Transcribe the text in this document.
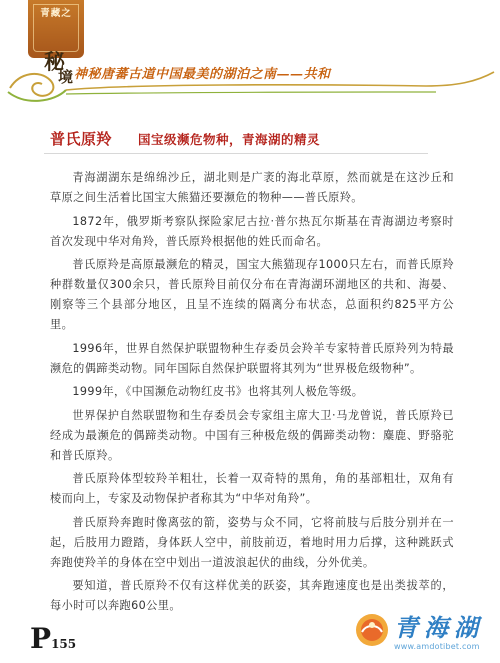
青藏之
秘
境 神秘唐蕃古道中国最美的湖泊之南——共和
普氏原羚 国宝级濒危物种，青海湖的精灵

青海湖湖东是绵绵沙丘，湖北则是广袤的海北草原，然而就是在这沙丘和草原之间生活着比国宝大熊猫还要濒危的物种——普氏原羚。

1872年，俄罗斯考察队探险家尼古拉·普尔热瓦尔斯基在青海湖边考察时首次发现中华对角羚，普氏原羚根据他的姓氏而命名。

普氏原羚是高原最濒危的精灵，国宝大熊猫现存1000只左右，而普氏原羚种群数量仅300余只，普氏原羚目前仅分布在青海湖环湖地区的共和、海晏、刚察等三个县部分地区，且呈不连续的隔离分布状态，总面积约825平方公里。

1996年，世界自然保护联盟物种生存委员会羚羊专家特普氏原羚列为特最濒危的偶蹄类动物。同年国际自然保护联盟将其列为“世界极危级物种”。

1999年，《中国濒危动物红皮书》也将其列人极危等级。

世界保护自然联盟物和生存委员会专家组主席大卫·马龙曾说，普氏原羚已经成为最濒危的偶蹄类动物。中国有三种极危级的偶蹄类动物：麋鹿、野骆驼和普氏原羚。

普氏原羚体型较羚羊粗壮，长着一双奇特的黑角，角的基部粗壮，双角有棱而向上，专家及动物保护者称其为“中华对角羚”。

普氏原羚奔跑时像离弦的箭，姿势与众不同，它将前肢与后肢分别并在一起，后肢用力蹬踏，身体跃人空中，前肢前迈，着地时用力后撑，这种跳跃式奔跑使羚羊的身体在空中划出一道波浪起伏的曲线，分外优美。

要知道，普氏原羚不仅有这样优美的跃姿，其奔跑速度也是出类拔萃的，每小时可以奔跑60公里。

P155
青海湖
www.amdotibet.com
